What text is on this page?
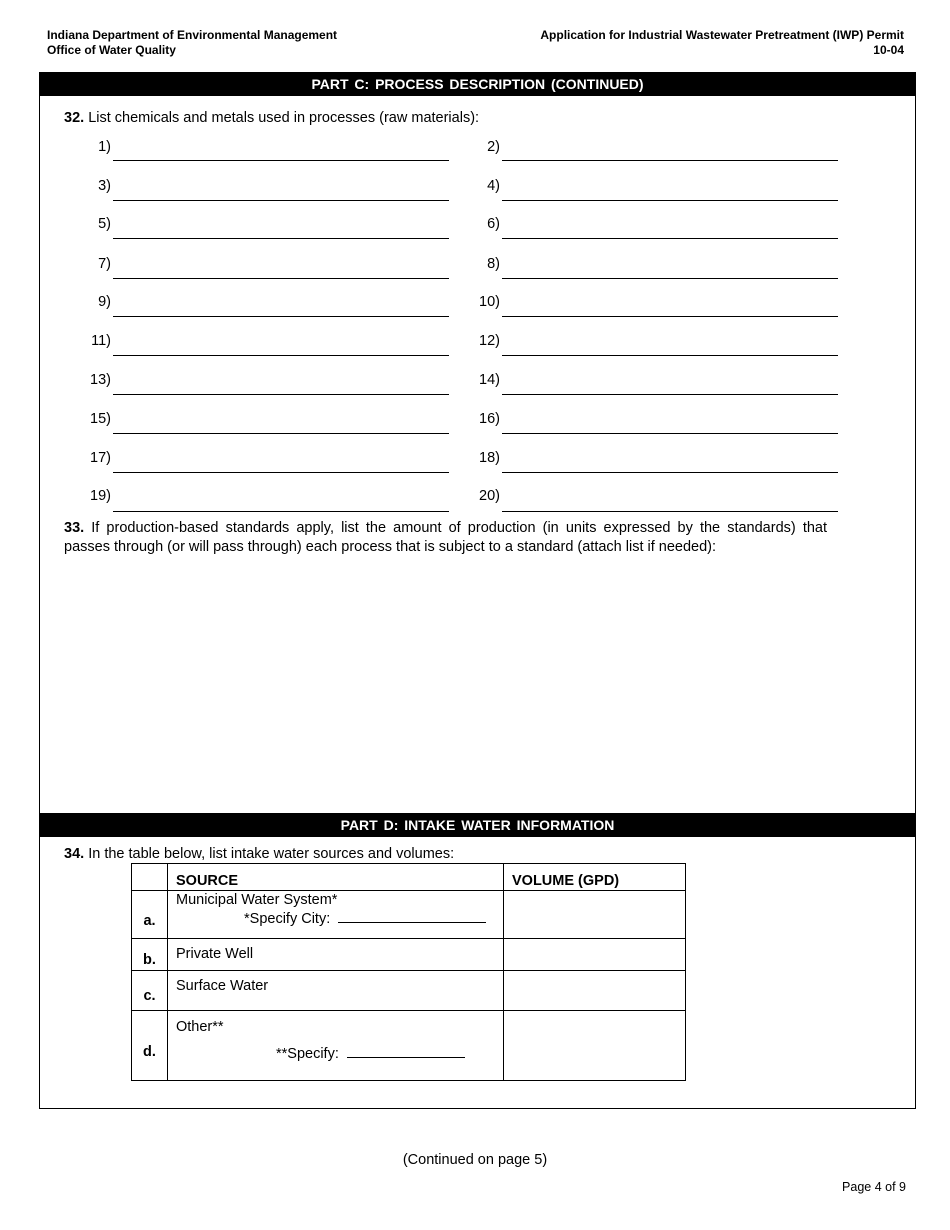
Indiana Department of Environmental Management
Office of Water Quality
Application for Industrial Wastewater Pretreatment (IWP) Permit
10-04
PART C: PROCESS DESCRIPTION (CONTINUED)
32. List chemicals and metals used in processes (raw materials):
1)
3)
5)
7)
9)
11)
13)
15)
17)
19)
2)
4)
6)
8)
10)
12)
14)
16)
18)
20)
33. If production-based standards apply, list the amount of production (in units expressed by the standards) that passes through (or will pass through) each process that is subject to a standard (attach list if needed):
PART D: INTAKE WATER INFORMATION
34. In the table below, list intake water sources and volumes:
	SOURCE	VOLUME (GPD)
a.	Municipal Water System*
*Specify City:	

b.	Private Well	
c.	Surface Water	
d.	Other**
**Specify:	

(Continued on page 5)
Page 4 of 9
